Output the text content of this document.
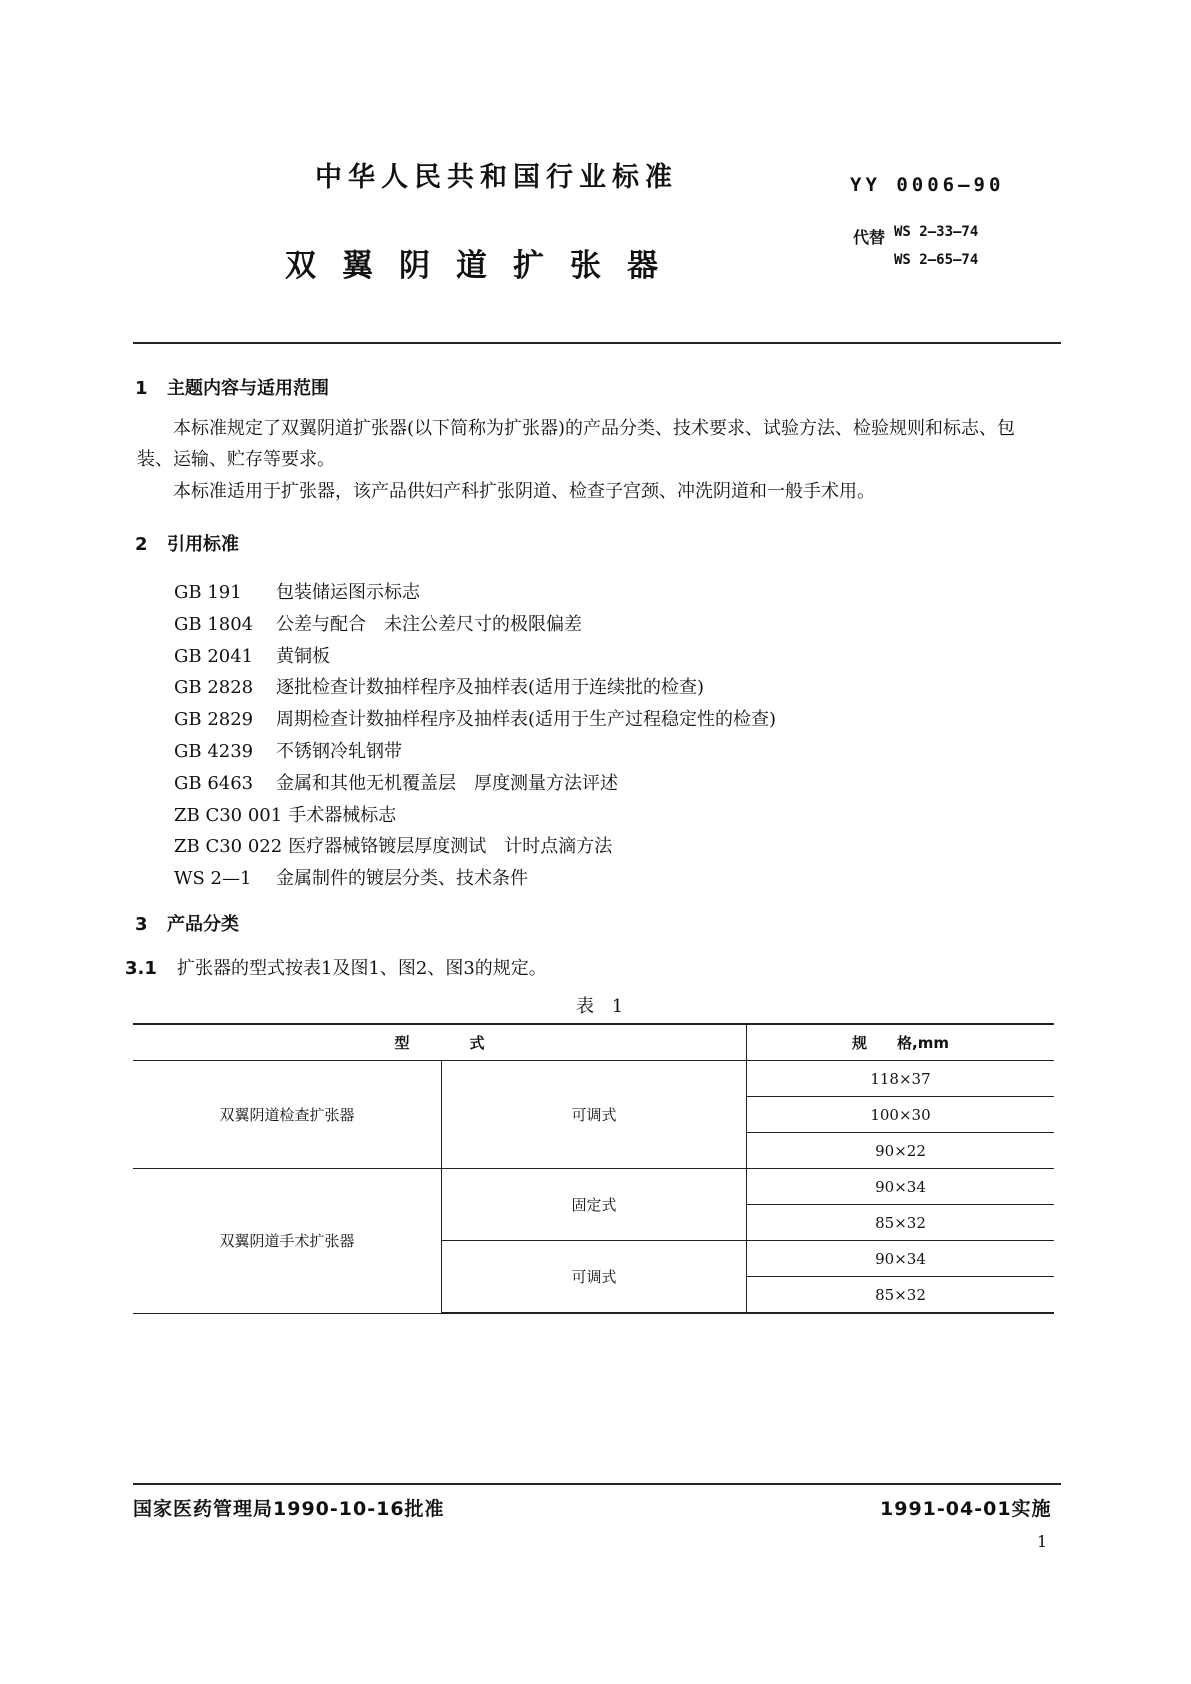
中华人民共和国行业标准	YY 0006—90
代替 WS 2—33—74
WS 2—65—74
双翼阴道扩张器
1 主题内容与适用范围
本标准规定了双翼阴道扩张器(以下简称为扩张器)的产品分类、技术要求、试验方法、检验规则和标志、包装、运输、贮存等要求。
本标准适用于扩张器，该产品供妇产科扩张阴道、检查子宫颈、冲洗阴道和一般手术用。
2 引用标准
GB 191 包装储运图示标志
GB 1804 公差与配合　未注公差尺寸的极限偏差
GB 2041 黄铜板
GB 2828 逐批检查计数抽样程序及抽样表(适用于连续批的检查)
GB 2829 周期检查计数抽样程序及抽样表(适用于生产过程稳定性的检查)
GB 4239 不锈钢冷轧钢带
GB 6463 金属和其他无机覆盖层　厚度测量方法评述
ZB C30 001 手术器械标志
ZB C30 022 医疗器械铬镀层厚度测试　计时点滴方法
WS 2—1 金属制件的镀层分类、技术条件
3 产品分类
3.1 扩张器的型式按表1及图1、图2、图3的规定。
表 1
型　　　　式		规　　格,mm
双翼阴道检查扩张器	可调式	118×37
		100×30
		90×22
双翼阴道手术扩张器	固定式	90×34
		85×32
	可调式	90×34
		85×32
国家医药管理局1990-10-16批准	1991-04-01实施
1
